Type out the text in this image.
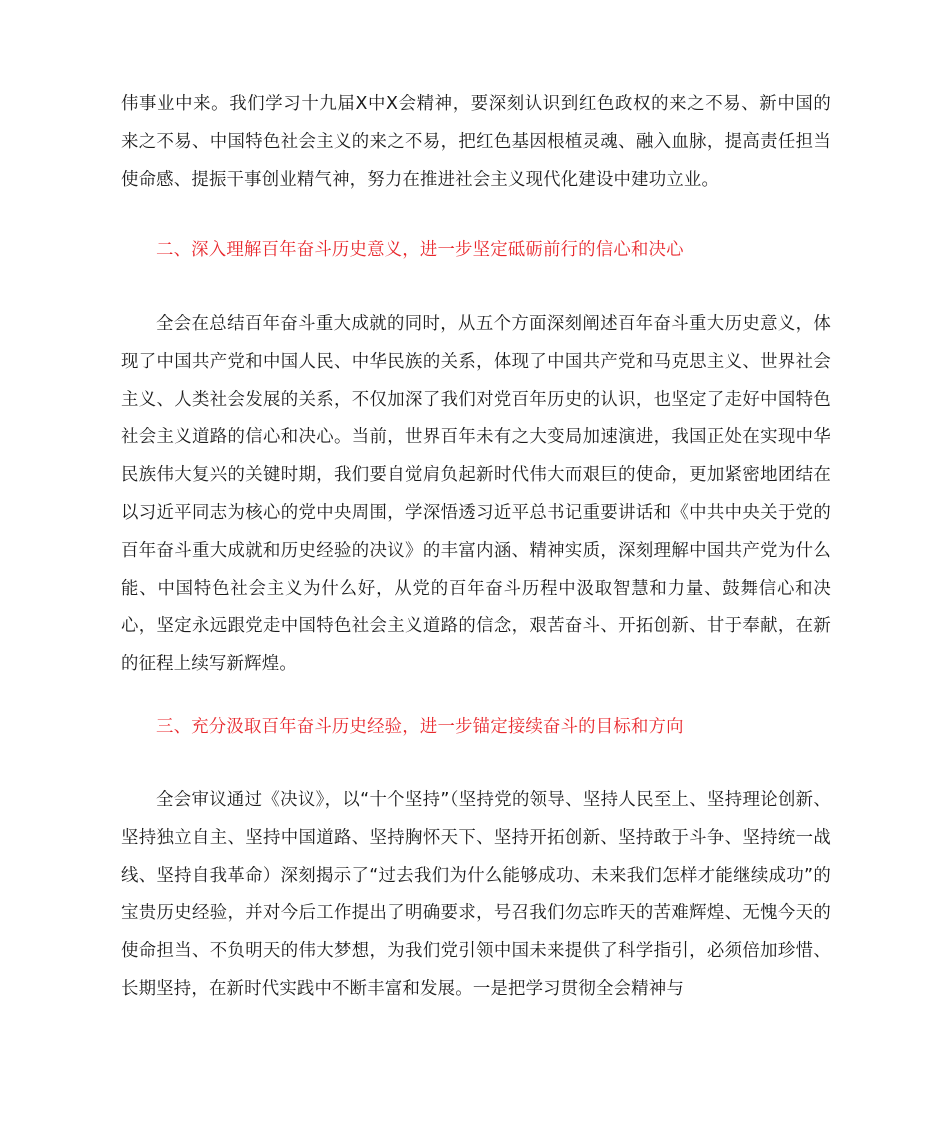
伟事业中来。我们学习十九届Ⅹ中Ⅹ会精神，要深刻认识到红色政权的来之不易、新中国的来之不易、中国特色社会主义的来之不易，把红色基因根植灵魂、融入血脉，提高责任担当使命感、提振干事创业精气神，努力在推进社会主义现代化建设中建功立业。

二、深入理解百年奋斗历史意义，进一步坚定砥砺前行的信心和决心

全会在总结百年奋斗重大成就的同时，从五个方面深刻阐述百年奋斗重大历史意义，体现了中国共产党和中国人民、中华民族的关系，体现了中国共产党和马克思主义、世界社会主义、人类社会发展的关系，不仅加深了我们对党百年历史的认识，也坚定了走好中国特色社会主义道路的信心和决心。当前，世界百年未有之大变局加速演进，我国正处在实现中华民族伟大复兴的关键时期，我们要自觉肩负起新时代伟大而艰巨的使命，更加紧密地团结在以习近平同志为核心的党中央周围，学深悟透习近平总书记重要讲话和《中共中央关于党的百年奋斗重大成就和历史经验的决议》的丰富内涵、精神实质，深刻理解中国共产党为什么能、中国特色社会主义为什么好，从党的百年奋斗历程中汲取智慧和力量、鼓舞信心和决心，坚定永远跟党走中国特色社会主义道路的信念，艰苦奋斗、开拓创新、甘于奉献，在新的征程上续写新辉煌。

三、充分汲取百年奋斗历史经验，进一步锚定接续奋斗的目标和方向

全会审议通过《决议》，以“十个坚持”（坚持党的领导、坚持人民至上、坚持理论创新、坚持独立自主、坚持中国道路、坚持胸怀天下、坚持开拓创新、坚持敢于斗争、坚持统一战线、坚持自我革命）深刻揭示了“过去我们为什么能够成功、未来我们怎样才能继续成功”的宝贵历史经验，并对今后工作提出了明确要求，号召我们勿忘昨天的苦难辉煌、无愧今天的使命担当、不负明天的伟大梦想，为我们党引领中国未来提供了科学指引，必须倍加珍惜、长期坚持，在新时代实践中不断丰富和发展。一是把学习贯彻全会精神与
